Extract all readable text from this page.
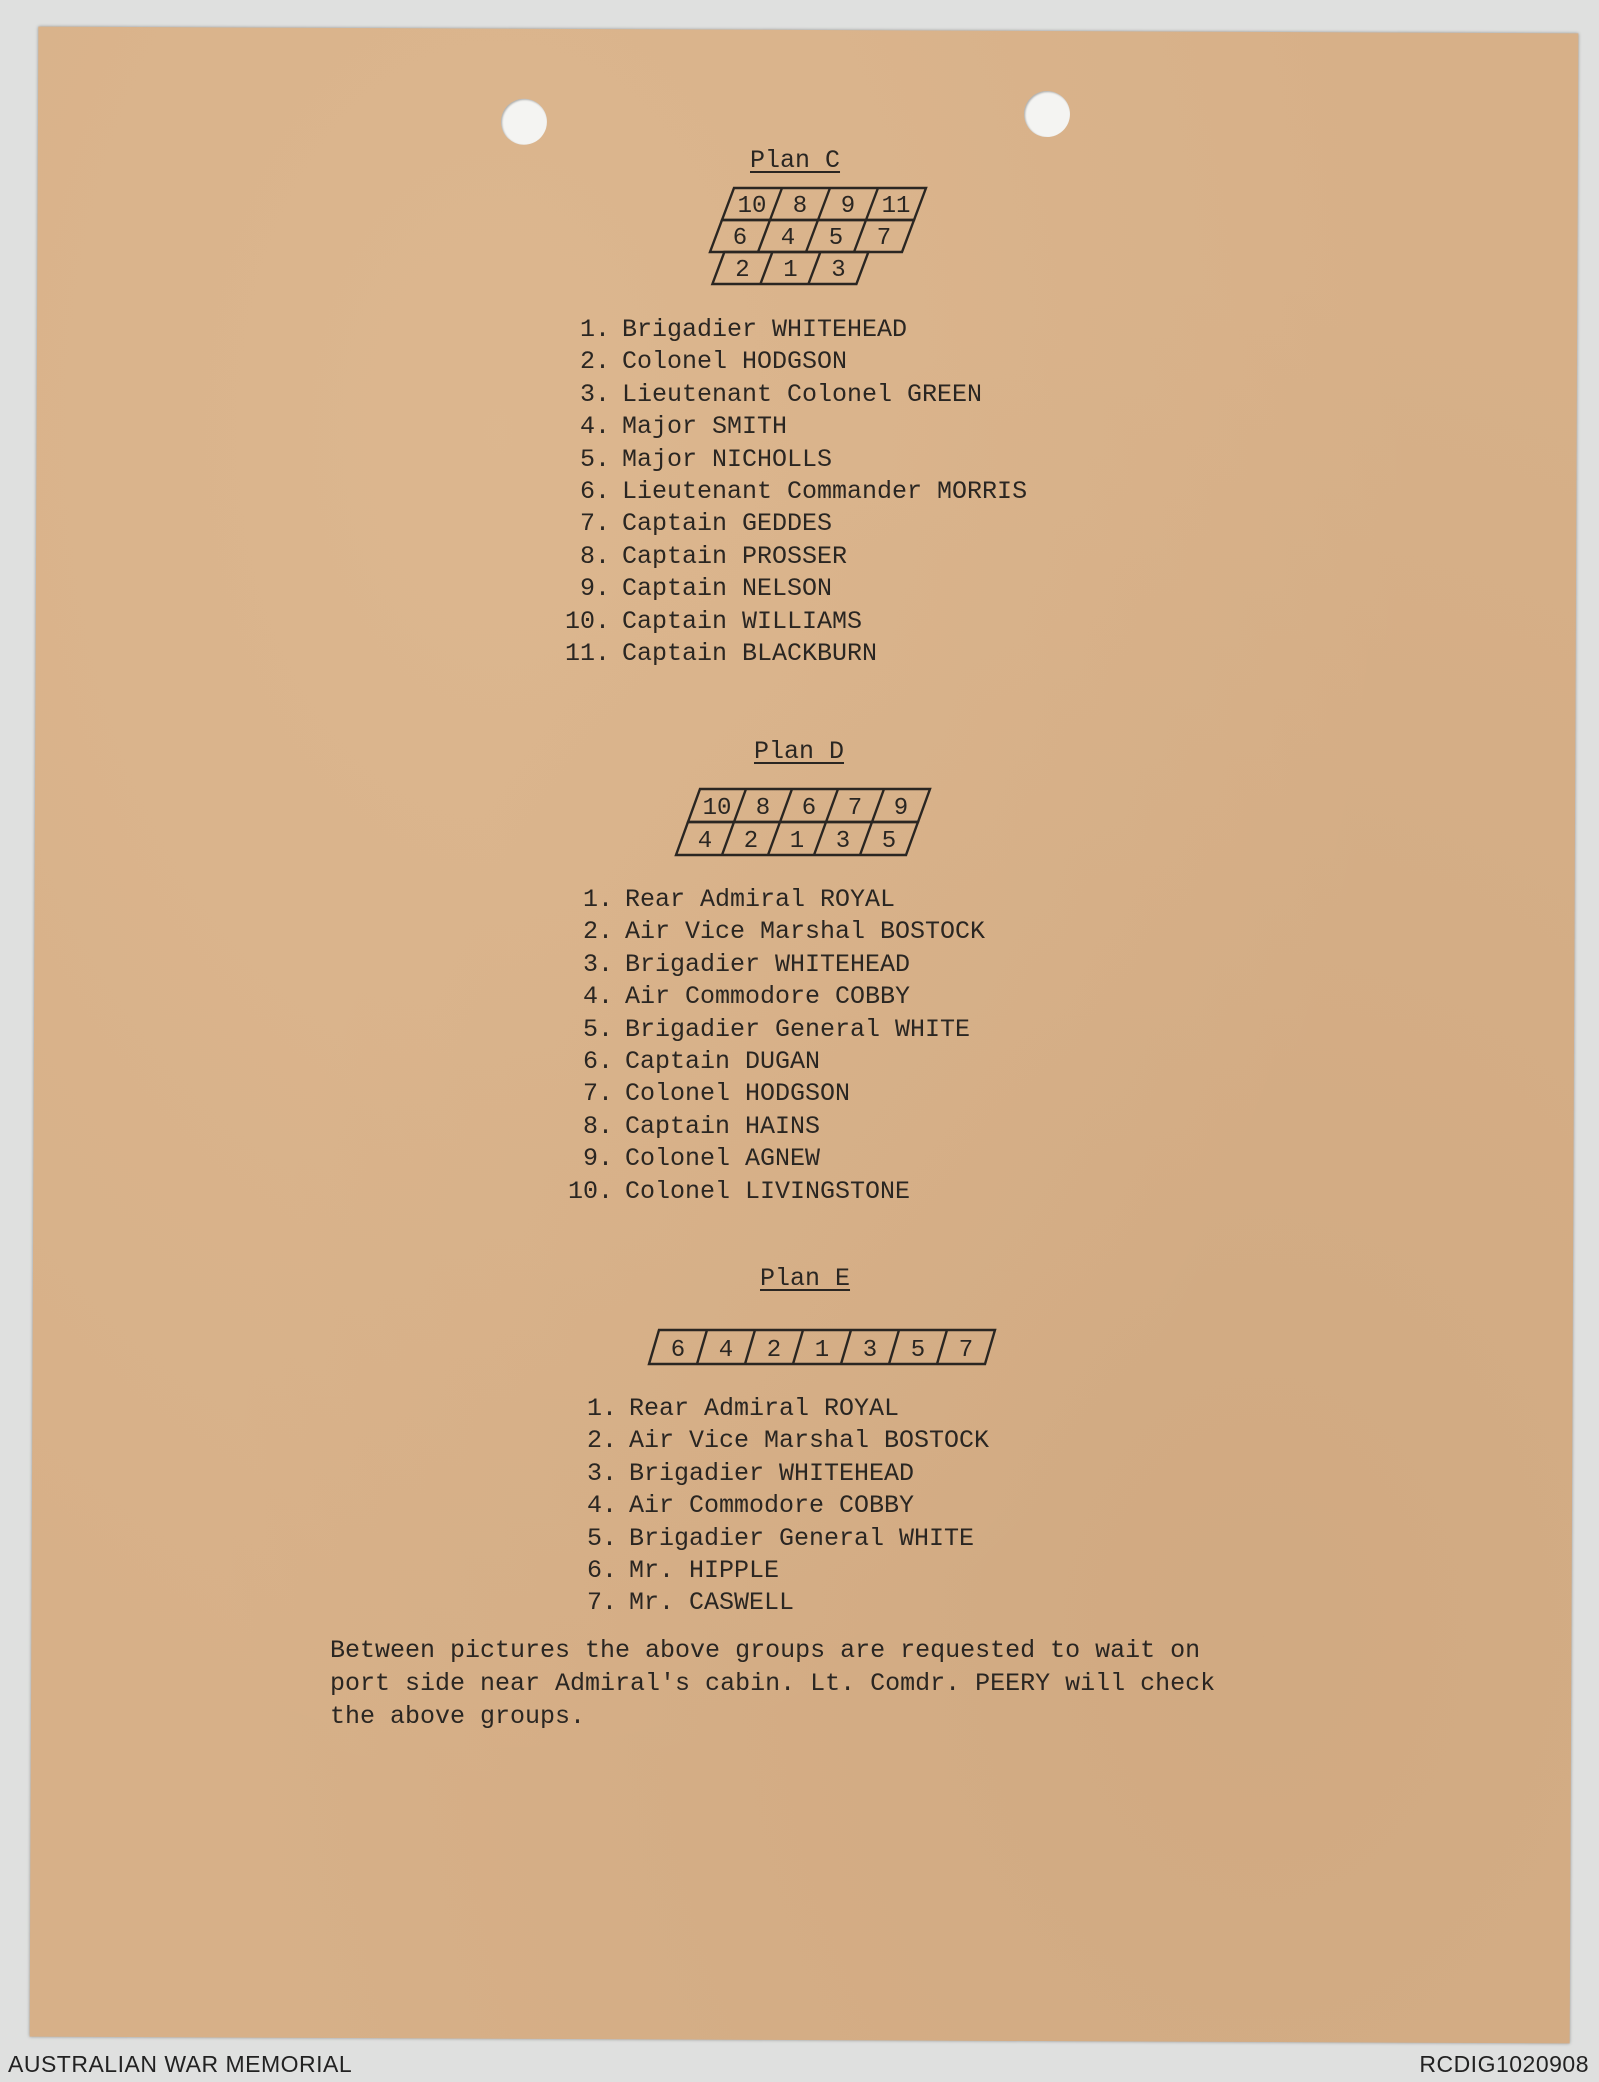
Plan C
10 8 9 11
6 4 5 7
2 1 3
1. Brigadier WHITEHEAD
2. Colonel HODGSON
3. Lieutenant Colonel GREEN
4. Major SMITH
5. Major NICHOLLS
6. Lieutenant Commander MORRIS
7. Captain GEDDES
8. Captain PROSSER
9. Captain NELSON
10. Captain WILLIAMS
11. Captain BLACKBURN
Plan D
10 8 6 7 9
4 2 1 3 5
1. Rear Admiral ROYAL
2. Air Vice Marshal BOSTOCK
3. Brigadier WHITEHEAD
4. Air Commodore COBBY
5. Brigadier General WHITE
6. Captain DUGAN
7. Colonel HODGSON
8. Captain HAINS
9. Colonel AGNEW
10. Colonel LIVINGSTONE
Plan E
6 4 2 1 3 5 7
1. Rear Admiral ROYAL
2. Air Vice Marshal BOSTOCK
3. Brigadier WHITEHEAD
4. Air Commodore COBBY
5. Brigadier General WHITE
6. Mr. HIPPLE
7. Mr. CASWELL

Between pictures the above groups are requested to wait on

port side near Admiral's cabin. Lt. Comdr. PEERY will check

the above groups.

AUSTRALIAN WAR MEMORIAL	RCDIG1020908
